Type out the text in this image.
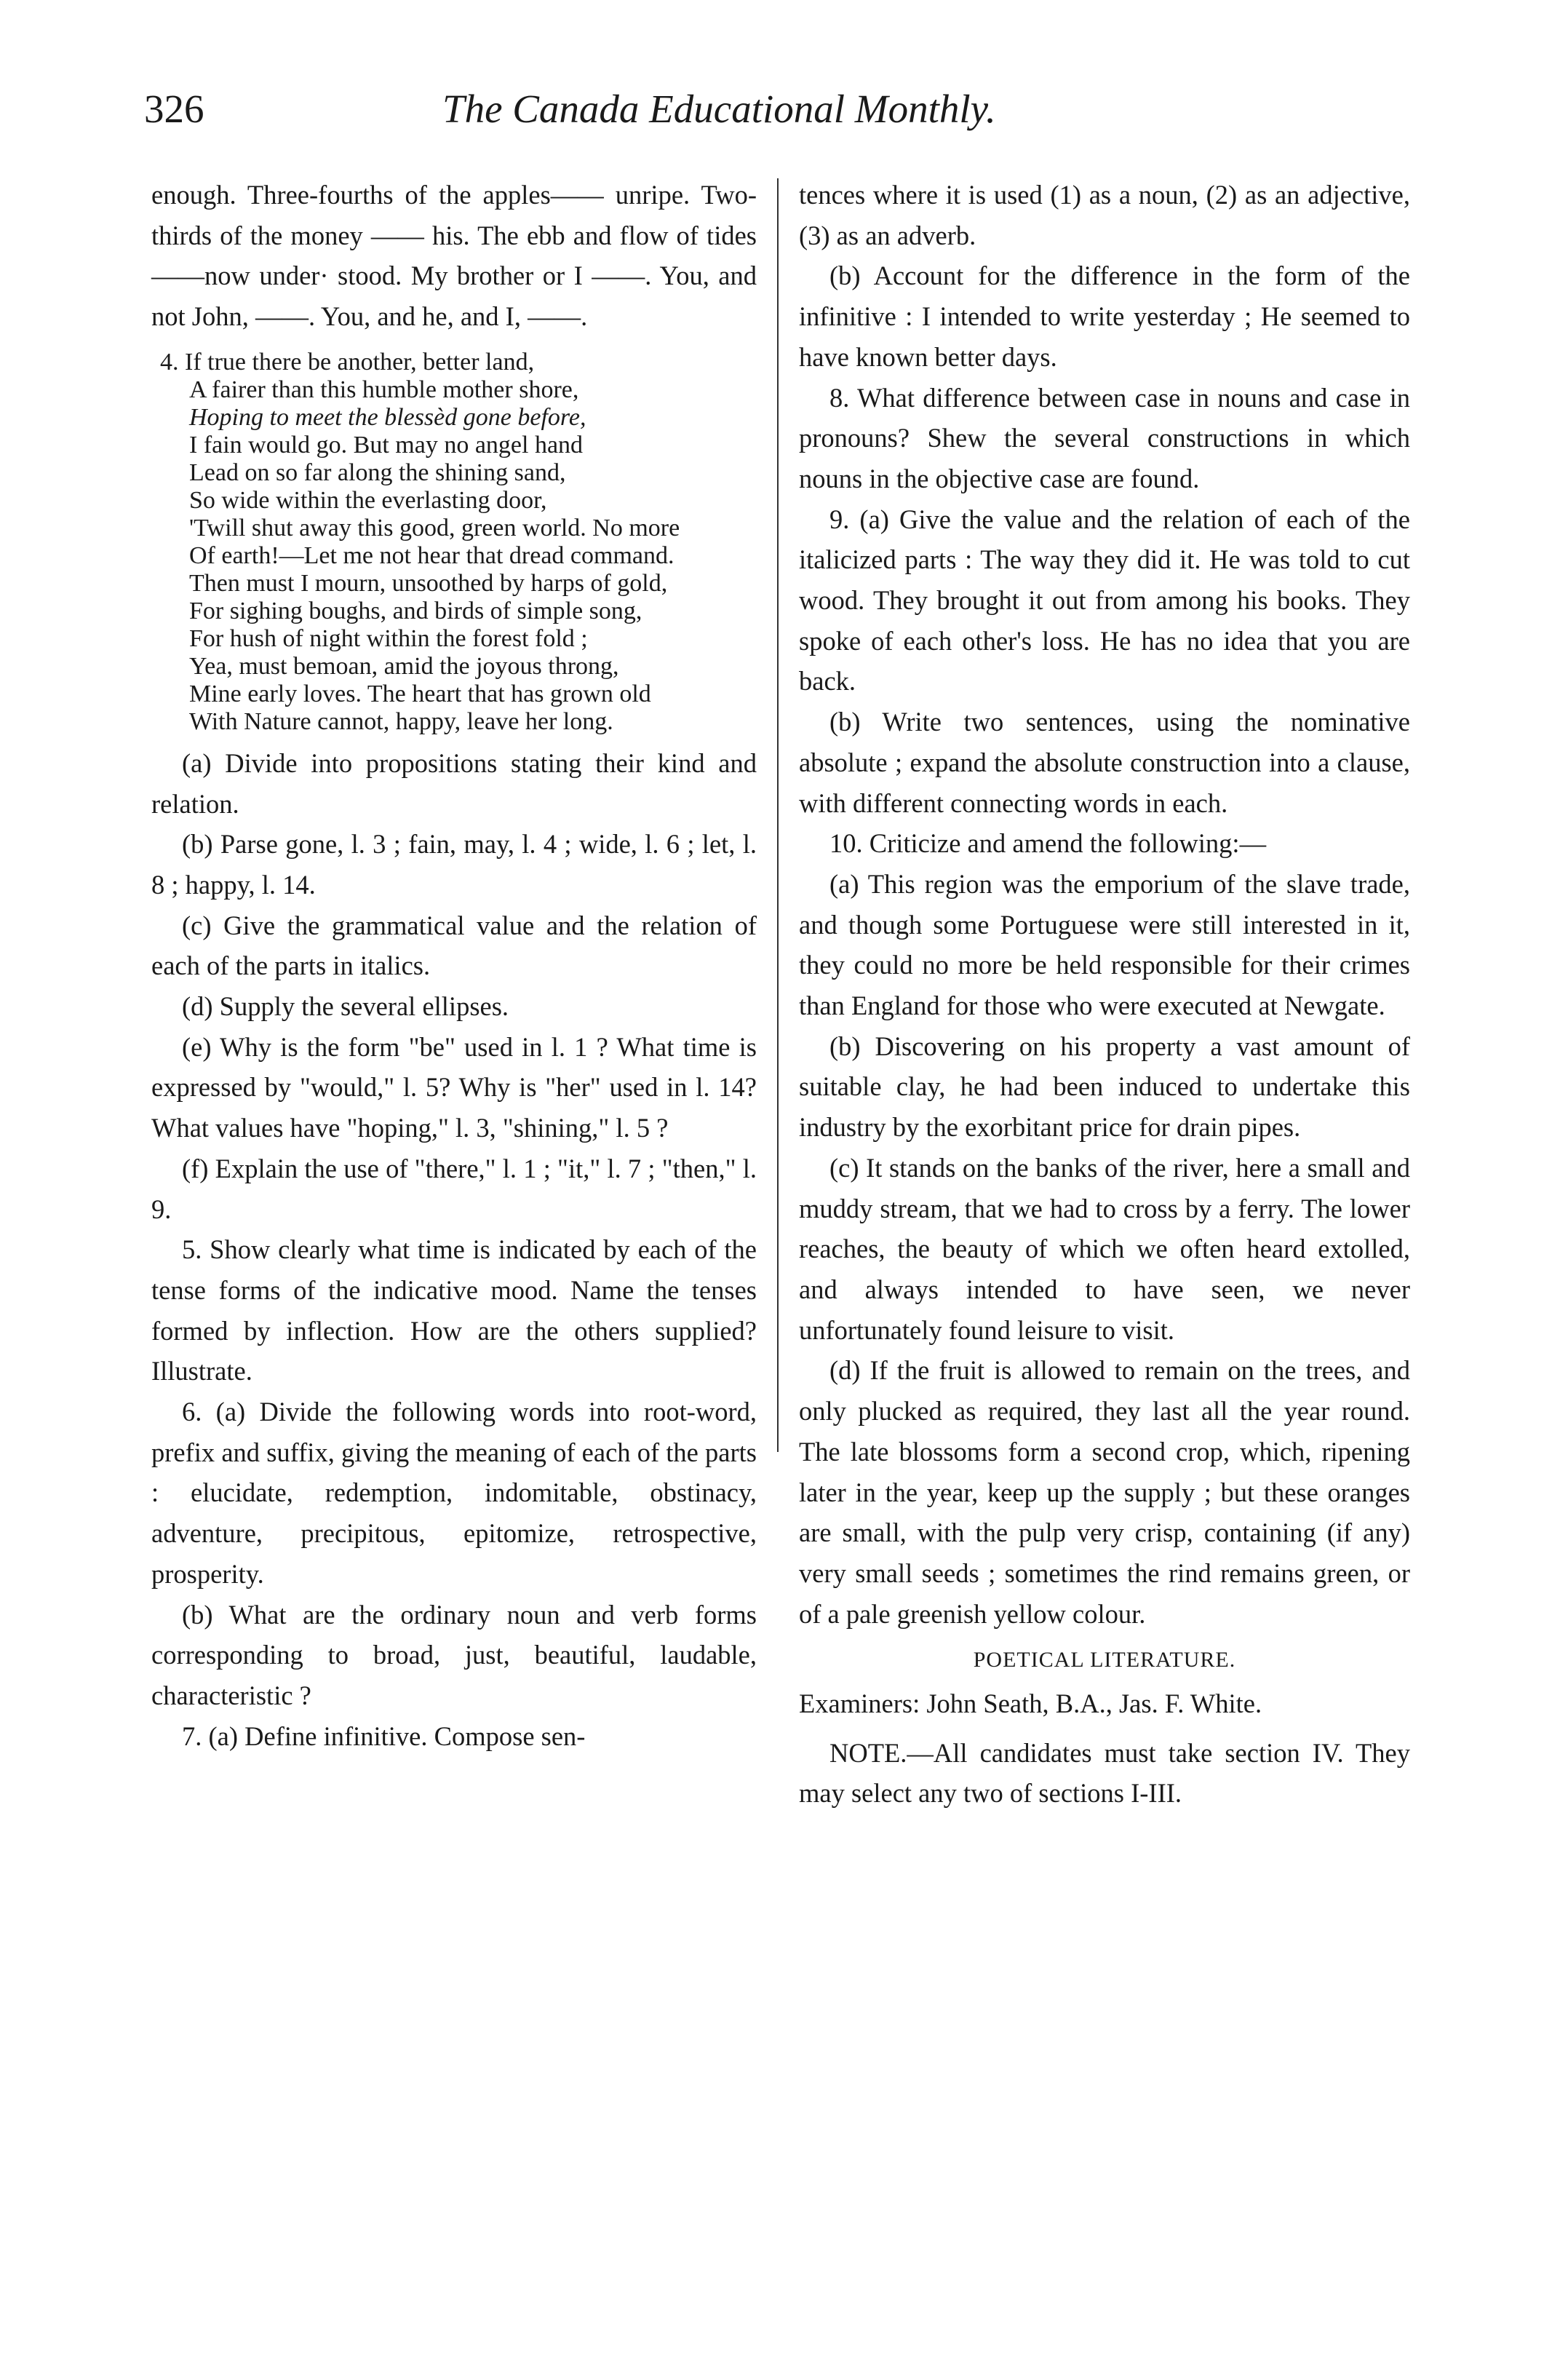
326	The Canada Educational Monthly.

enough. Three-fourths of the apples—— unripe. Two-thirds of the money —— his. The ebb and flow of tides——now under· stood. My brother or I ——. You, and not John, ——. You, and he, and I, ——.

4. If true there be another, better land,
A fairer than this humble mother shore,
Hoping to meet the blessèd gone before,
I fain would go. But may no angel hand
Lead on so far along the shining sand,
So wide within the everlasting door,
'Twill shut away this good, green world. No more
Of earth!—Let me not hear that dread command.
Then must I mourn, unsoothed by harps of gold,
For sighing boughs, and birds of simple song,
For hush of night within the forest fold ;
Yea, must bemoan, amid the joyous throng,
Mine early loves. The heart that has grown old
With Nature cannot, happy, leave her long.

(a) Divide into propositions stating their kind and relation.

(b) Parse gone, l. 3 ; fain, may, l. 4 ; wide, l. 6 ; let, l. 8 ; happy, l. 14.

(c) Give the grammatical value and the relation of each of the parts in italics.

(d) Supply the several ellipses.

(e) Why is the form "be" used in l. 1 ? What time is expressed by "would," l. 5? Why is "her" used in l. 14? What values have "hoping," l. 3, "shining," l. 5 ?

(f) Explain the use of "there," l. 1 ; "it," l. 7 ; "then," l. 9.

5. Show clearly what time is indicated by each of the tense forms of the indicative mood. Name the tenses formed by inflection. How are the others supplied? Illustrate.

6. (a) Divide the following words into root-word, prefix and suffix, giving the meaning of each of the parts : elucidate, redemption, indomitable, obstinacy, adventure, precipitous, epitomize, retrospective, prosperity.

(b) What are the ordinary noun and verb forms corresponding to broad, just, beautiful, laudable, characteristic ?

7. (a) Define infinitive. Compose sen-

tences where it is used (1) as a noun, (2) as an adjective, (3) as an adverb.

(b) Account for the difference in the form of the infinitive : I intended to write yesterday ; He seemed to have known better days.

8. What difference between case in nouns and case in pronouns? Shew the several constructions in which nouns in the objective case are found.

9. (a) Give the value and the relation of each of the italicized parts : The way they did it. He was told to cut wood. They brought it out from among his books. They spoke of each other's loss. He has no idea that you are back.

(b) Write two sentences, using the nominative absolute ; expand the absolute construction into a clause, with different connecting words in each.

10. Criticize and amend the following:—

(a) This region was the emporium of the slave trade, and though some Portuguese were still interested in it, they could no more be held responsible for their crimes than England for those who were executed at Newgate.

(b) Discovering on his property a vast amount of suitable clay, he had been induced to undertake this industry by the exorbitant price for drain pipes.

(c) It stands on the banks of the river, here a small and muddy stream, that we had to cross by a ferry. The lower reaches, the beauty of which we often heard extolled, and always intended to have seen, we never unfortunately found leisure to visit.

(d) If the fruit is allowed to remain on the trees, and only plucked as required, they last all the year round. The late blossoms form a second crop, which, ripening later in the year, keep up the supply ; but these oranges are small, with the pulp very crisp, containing (if any) very small seeds ; sometimes the rind remains green, or of a pale greenish yellow colour.

POETICAL LITERATURE.

Examiners: John Seath, B.A., Jas. F. White.

NOTE.—All candidates must take section IV. They may select any two of sections I-III.
